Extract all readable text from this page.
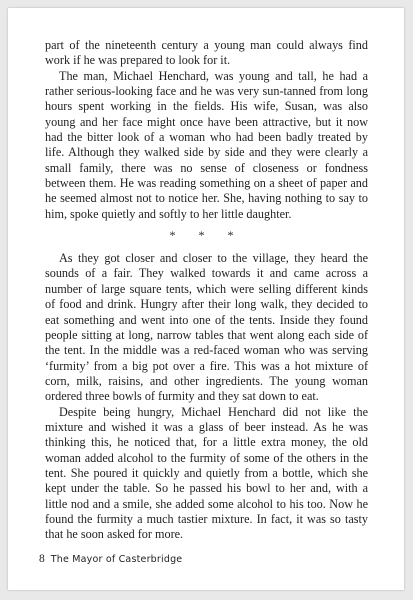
part of the nineteenth century a young man could always find work if he was prepared to look for it.

The man, Michael Henchard, was young and tall, he had a rather serious-looking face and he was very sun-tanned from long hours spent working in the fields. His wife, Susan, was also young and her face might once have been attractive, but it now had the bitter look of a woman who had been badly treated by life. Although they walked side by side and they were clearly a small family, there was no sense of closeness or fondness between them. He was reading something on a sheet of paper and he seemed almost not to notice her. She, having nothing to say to him, spoke quietly and softly to her little daughter.

* * *

As they got closer and closer to the village, they heard the sounds of a fair. They walked towards it and came across a number of large square tents, which were selling different kinds of food and drink. Hungry after their long walk, they decided to eat something and went into one of the tents. Inside they found people sitting at long, narrow tables that went along each side of the tent. In the middle was a red-faced woman who was serving ‘furmity’ from a big pot over a fire. This was a hot mixture of corn, milk, raisins, and other ingredients. The young woman ordered three bowls of furmity and they sat down to eat.

Despite being hungry, Michael Henchard did not like the mixture and wished it was a glass of beer instead. As he was thinking this, he noticed that, for a little extra money, the old woman added alcohol to the furmity of some of the others in the tent. She poured it quickly and quietly from a bottle, which she kept under the table. So he passed his bowl to her and, with a little nod and a smile, she added some alcohol to his too. Now he found the furmity a much tastier mixture. In fact, it was so tasty that he soon asked for more.

8 The Mayor of Casterbridge
